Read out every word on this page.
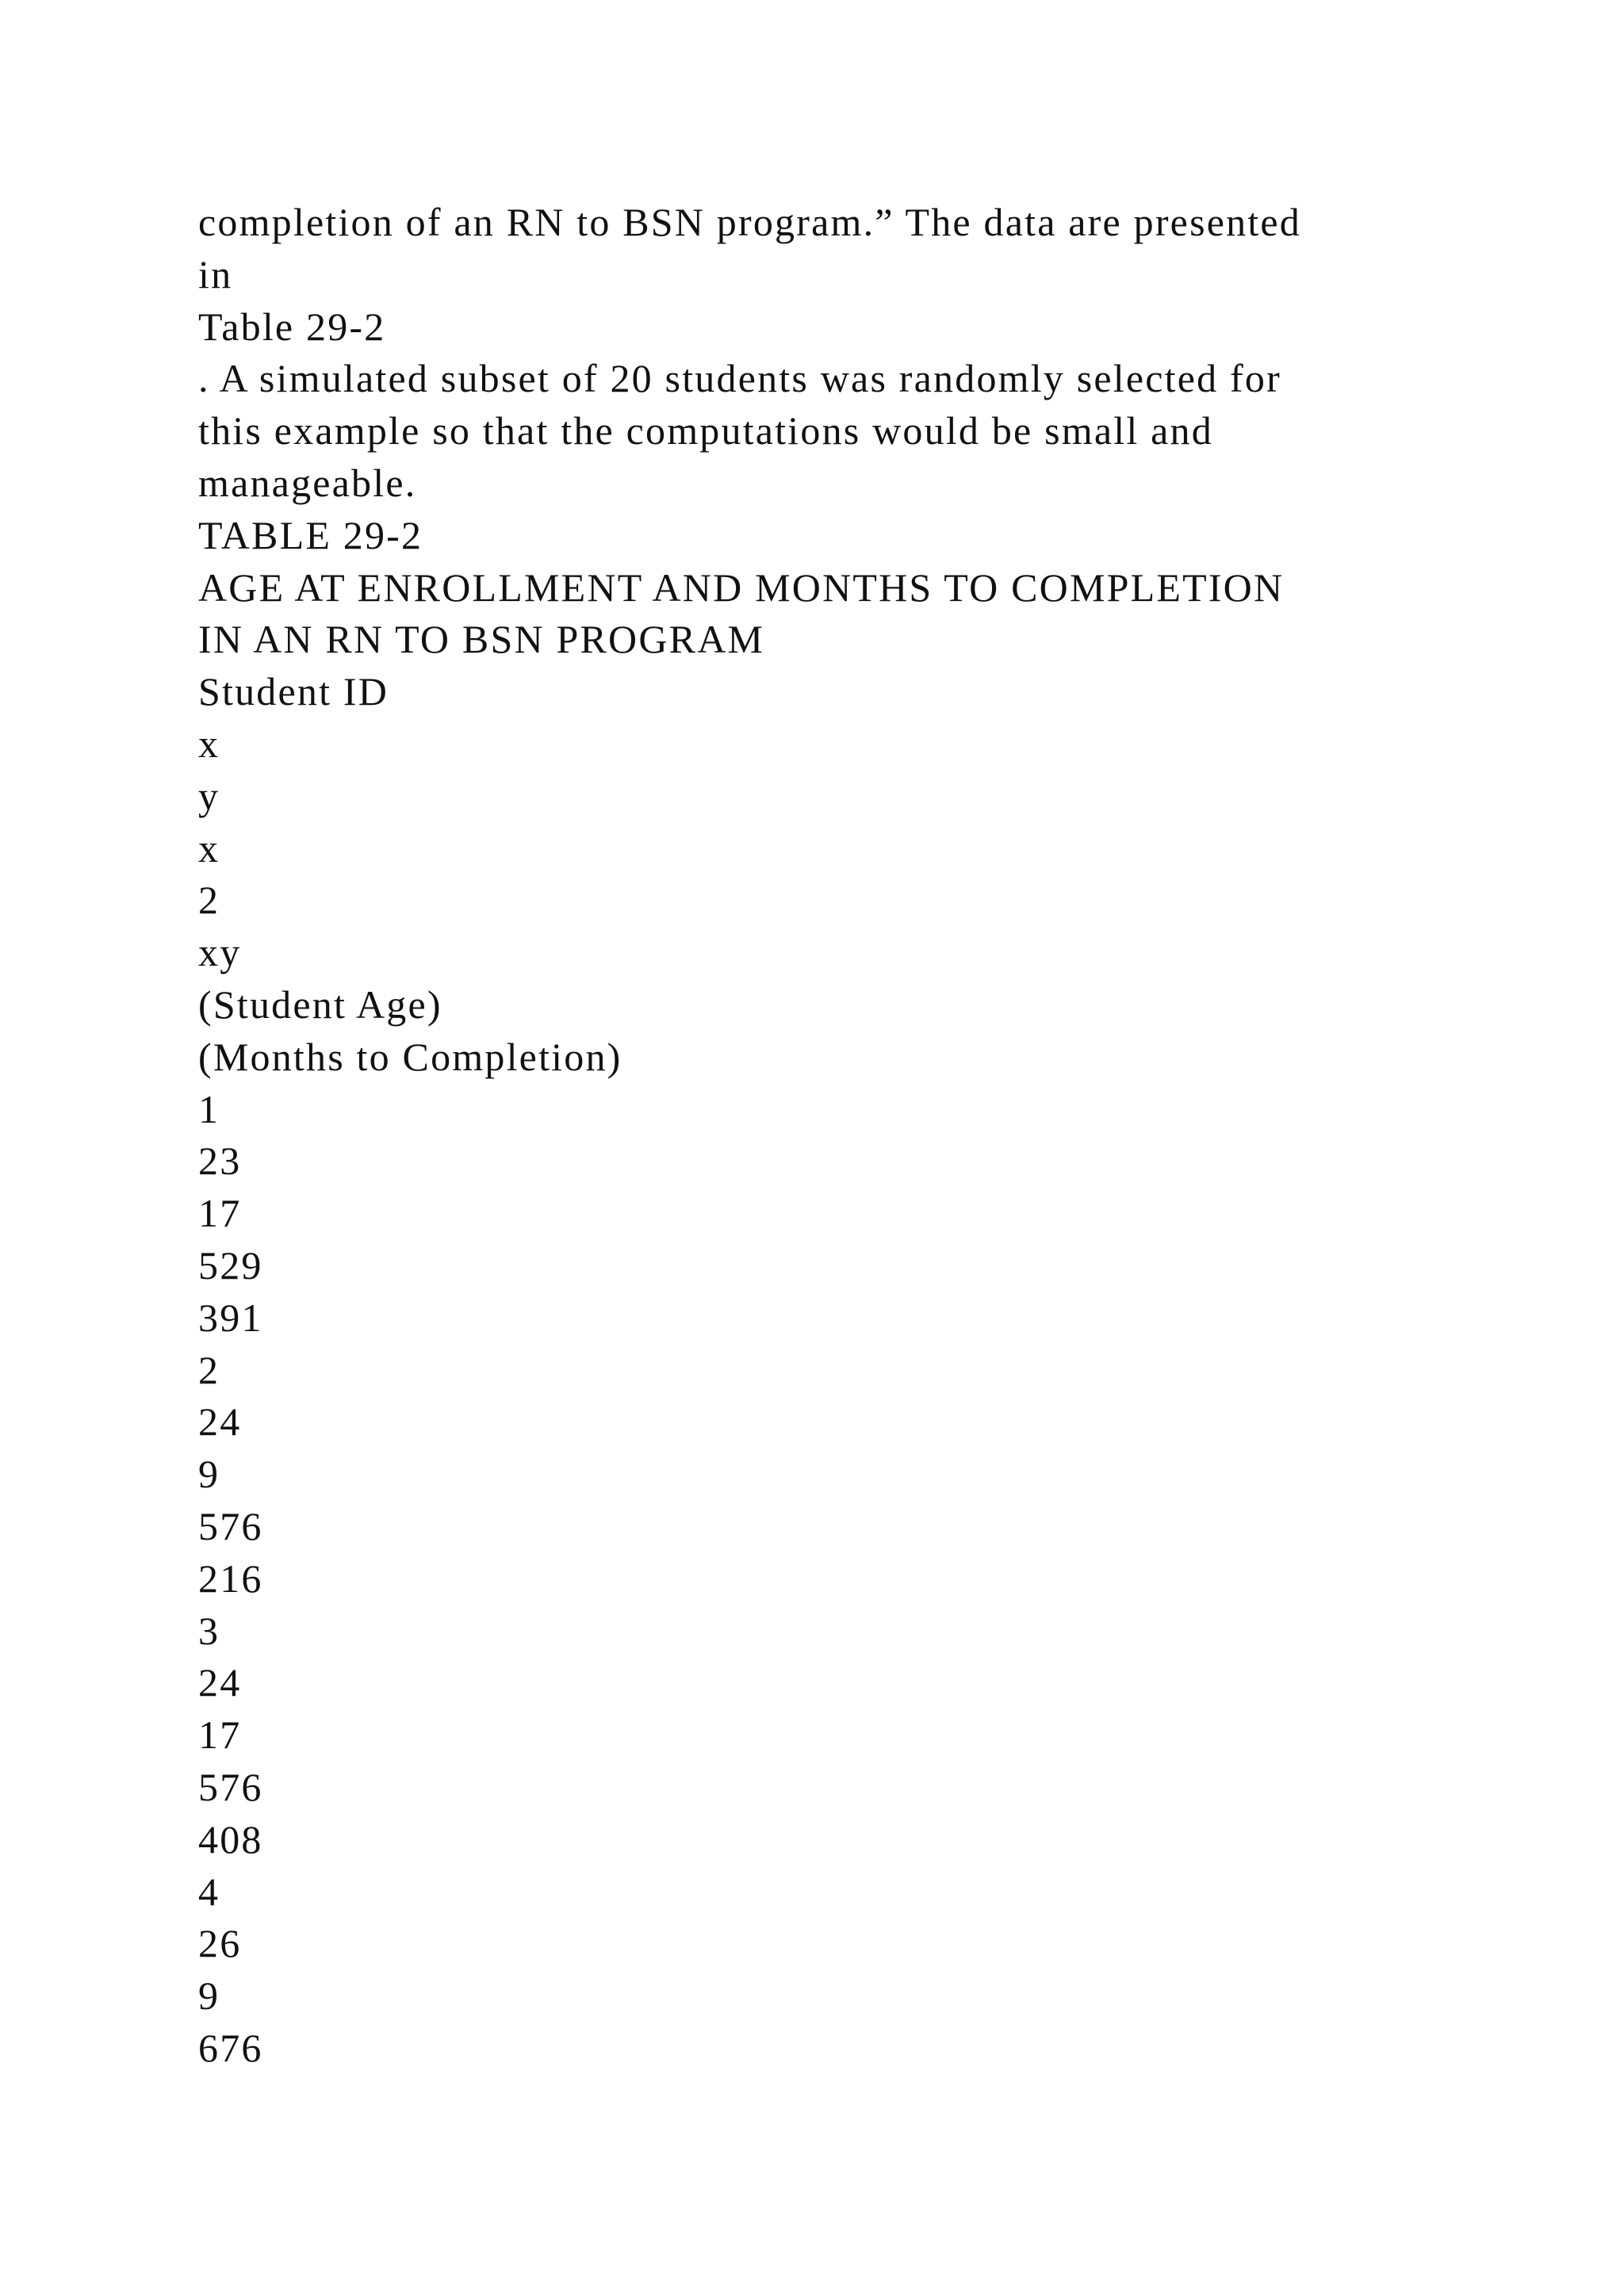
completion of an RN to BSN program.” The data are presented
in
Table 29-2
. A simulated subset of 20 students was randomly selected for
this example so that the computations would be small and
manageable.
TABLE 29-2
AGE AT ENROLLMENT AND MONTHS TO COMPLETION
IN AN RN TO BSN PROGRAM
Student ID
x
y
x
2
xy
(Student Age)
(Months to Completion)
1
23
17
529
391
2
24
9
576
216
3
24
17
576
408
4
26
9
676
